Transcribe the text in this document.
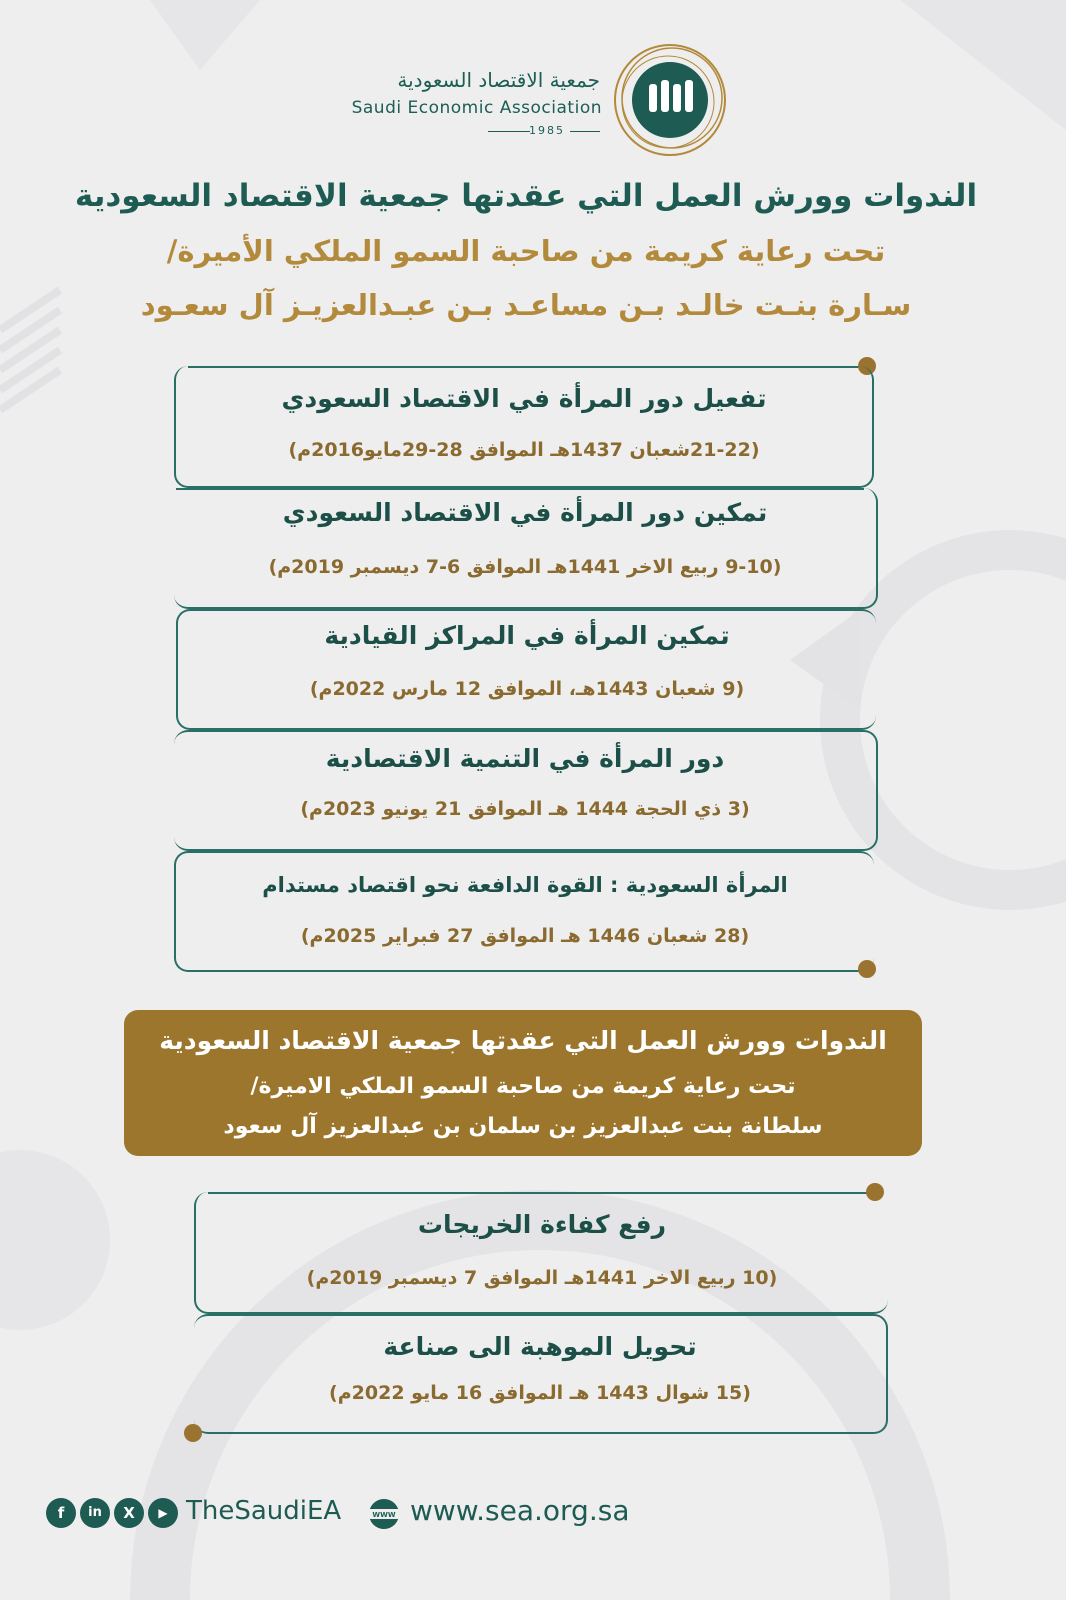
جمعية الاقتصاد السعودية
Saudi Economic Association
1985
الندوات وورش العمل التي عقدتها جمعية الاقتصاد السعودية
تحت رعاية كريمة من صاحبة السمو الملكي الأميرة/
سـارة بنـت خالـد بـن مساعـد بـن عبـدالعزيـز آل سعـود
تفعيل دور المرأة في الاقتصاد السعودي
(21-22شعبان 1437هـ الموافق 28-29مايو2016م)
تمكين دور المرأة في الاقتصاد السعودي
(9-10 ربيع الاخر 1441هـ الموافق 6-7 ديسمبر 2019م)
تمكين المرأة في المراكز القيادية
(9 شعبان 1443هـ، الموافق 12 مارس 2022م)
دور المرأة في التنمية الاقتصادية
(3 ذي الحجة 1444 هـ الموافق 21 يونيو 2023م)
المرأة السعودية : القوة الدافعة نحو اقتصاد مستدام
(28 شعبان 1446 هـ الموافق 27 فبراير 2025م)
الندوات وورش العمل التي عقدتها جمعية الاقتصاد السعودية
تحت رعاية كريمة من صاحبة السمو الملكي الاميرة/
سلطانة بنت عبدالعزيز بن سلمان بن عبدالعزيز آل سعود
رفع كفاءة الخريجات
(10 ربيع الاخر 1441هـ الموافق 7 ديسمبر 2019م)
تحويل الموهبة الى صناعة
(15 شوال 1443 هـ الموافق 16 مايو 2022م)
f	in	X	▶ TheSaudiEA	WWW www.sea.org.sa
